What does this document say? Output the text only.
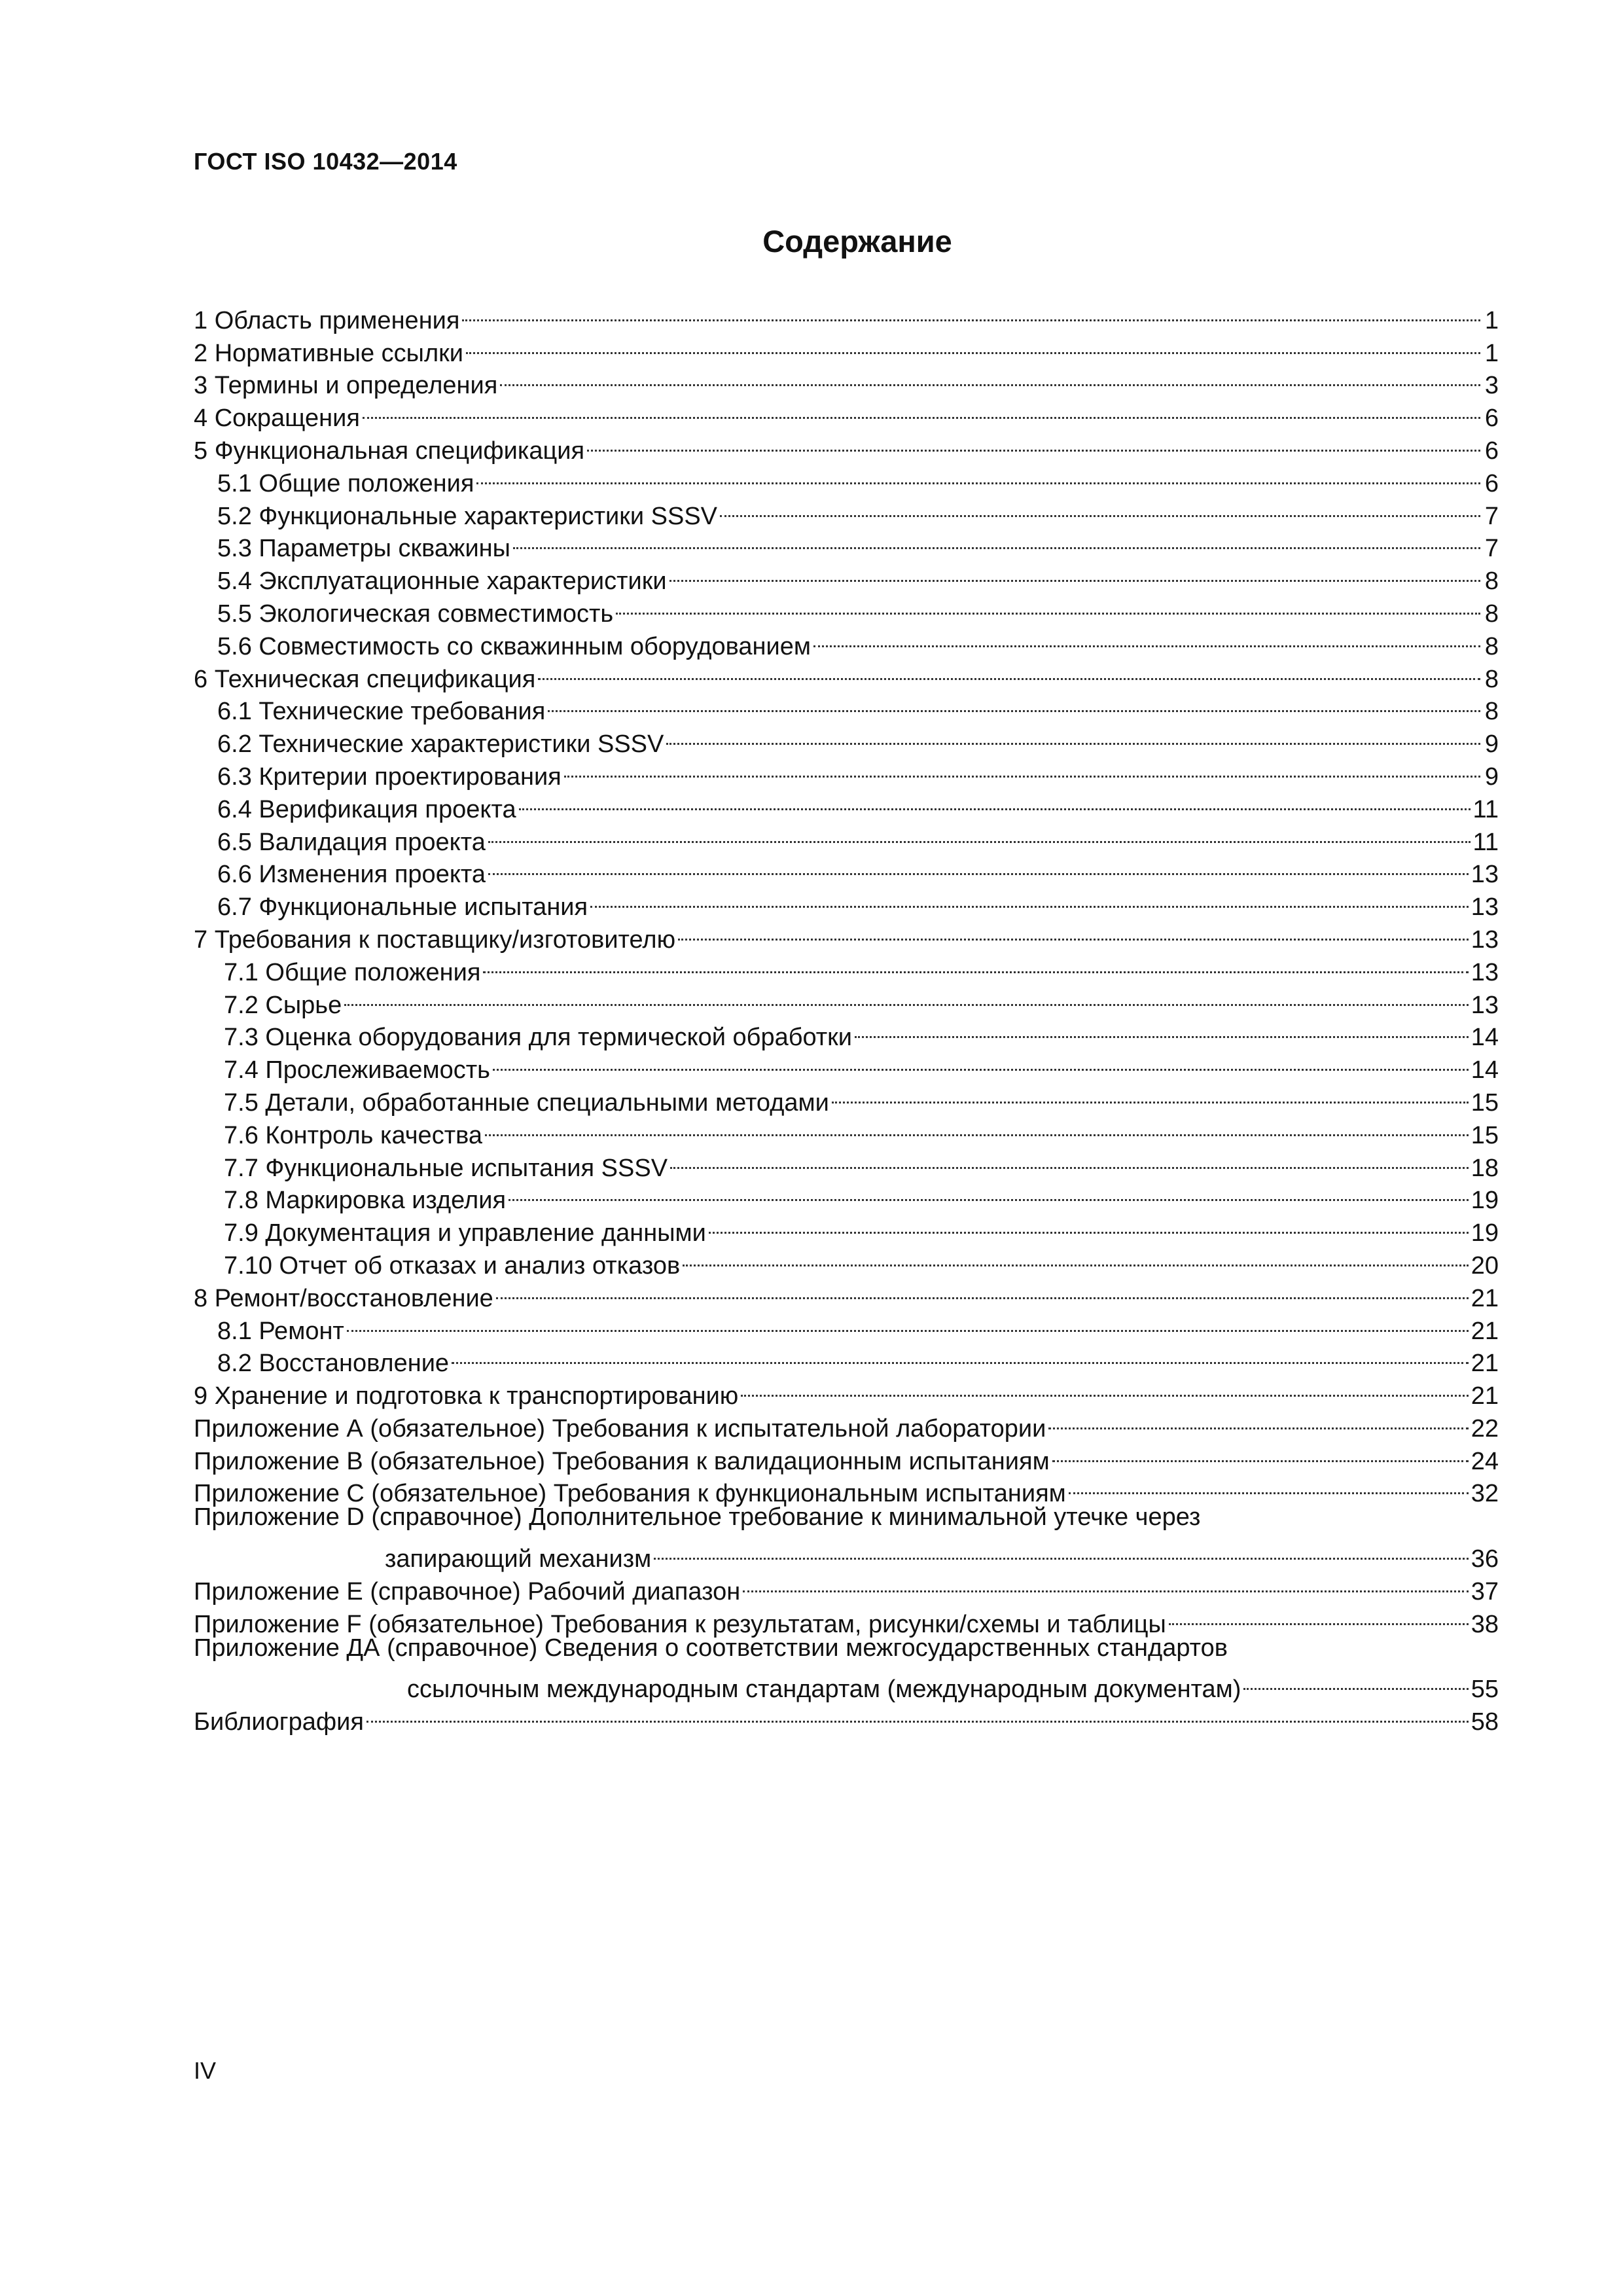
ГОСТ ISO 10432—2014
Содержание
1 Область применения	1
2 Нормативные ссылки	1
3 Термины и определения	3
4 Сокращения	6
5 Функциональная спецификация	6
5.1 Общие положения	6
5.2 Функциональные характеристики SSSV	7
5.3 Параметры скважины	7
5.4 Эксплуатационные характеристики	8
5.5 Экологическая совместимость	8
5.6 Совместимость со скважинным оборудованием	8
6 Техническая спецификация	8
6.1 Технические требования	8
6.2 Технические характеристики SSSV	9
6.3 Критерии проектирования	9
6.4 Верификация проекта	11
6.5 Валидация проекта	11
6.6 Изменения проекта	13
6.7 Функциональные испытания	13
7 Требования к поставщику/изготовителю	13
7.1 Общие положения	13
7.2 Сырье	13
7.3 Оценка оборудования для термической обработки	14
7.4 Прослеживаемость	14
7.5 Детали, обработанные специальными методами	15
7.6 Контроль качества	15
7.7 Функциональные испытания SSSV	18
7.8 Маркировка изделия	19
7.9 Документация и управление данными	19
7.10 Отчет об отказах и анализ отказов	20
8 Ремонт/восстановление	21
8.1 Ремонт	21
8.2 Восстановление	21
9 Хранение и подготовка к транспортированию	21
Приложение А (обязательное) Требования к испытательной лаборатории	22
Приложение В (обязательное) Требования к валидационным испытаниям	24
Приложение С (обязательное) Требования к функциональным испытаниям	32
Приложение D (справочное) Дополнительное требование к минимальной утечке через
запирающий механизм	36
Приложение Е (справочное) Рабочий диапазон	37
Приложение F (обязательное) Требования к результатам, рисунки/схемы и таблицы	38
Приложение ДА (справочное) Сведения о соответствии межгосударственных стандартов
ссылочным международным стандартам (международным документам)	55
Библиография	58
IV
